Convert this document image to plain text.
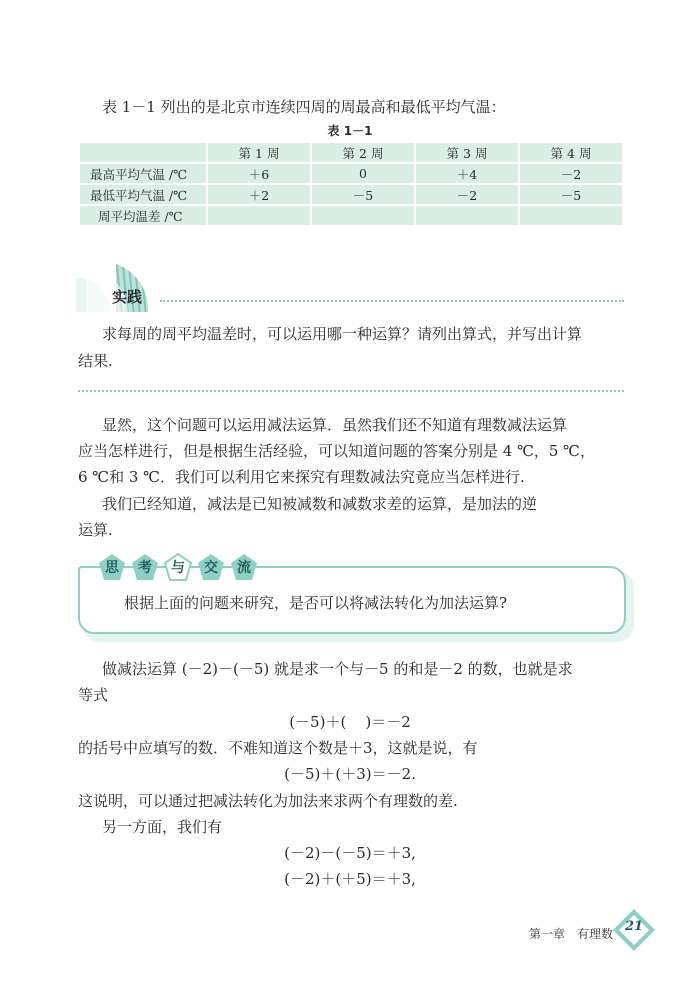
表 1－1 列出的是北京市连续四周的周最高和最低平均气温：
表 1－1
	第 1 周	第 2 周	第 3 周	第 4 周
最高平均气温 /℃	＋6	0	＋4	－2
最低平均气温 /℃	＋2	－5	－2	－5
周平均温差 /℃				
实践
求每周的周平均温差时，可以运用哪一种运算？请列出算式，并写出计算
结果.
显然，这个问题可以运用减法运算．虽然我们还不知道有理数减法运算
应当怎样进行，但是根据生活经验，可以知道问题的答案分别是 4 ℃，5 ℃，
6 ℃和 3 ℃．我们可以利用它来探究有理数减法究竟应当怎样进行.
我们已经知道，减法是已知被减数和减数求差的运算，是加法的逆
运算.
思	考	与	交	流
根据上面的问题来研究，是否可以将减法转化为加法运算?
做减法运算 (－2)－(－5) 就是求一个与－5 的和是－2 的数，也就是求
等式
(－5)＋(    )＝－2
的括号中应填写的数．不难知道这个数是＋3，这就是说，有
(－5)＋(＋3)＝－2.
这说明，可以通过把减法转化为加法来求两个有理数的差.
另一方面，我们有
(－2)－(－5)＝＋3,
(－2)＋(＋5)＝＋3,
第一章　有理数 21
